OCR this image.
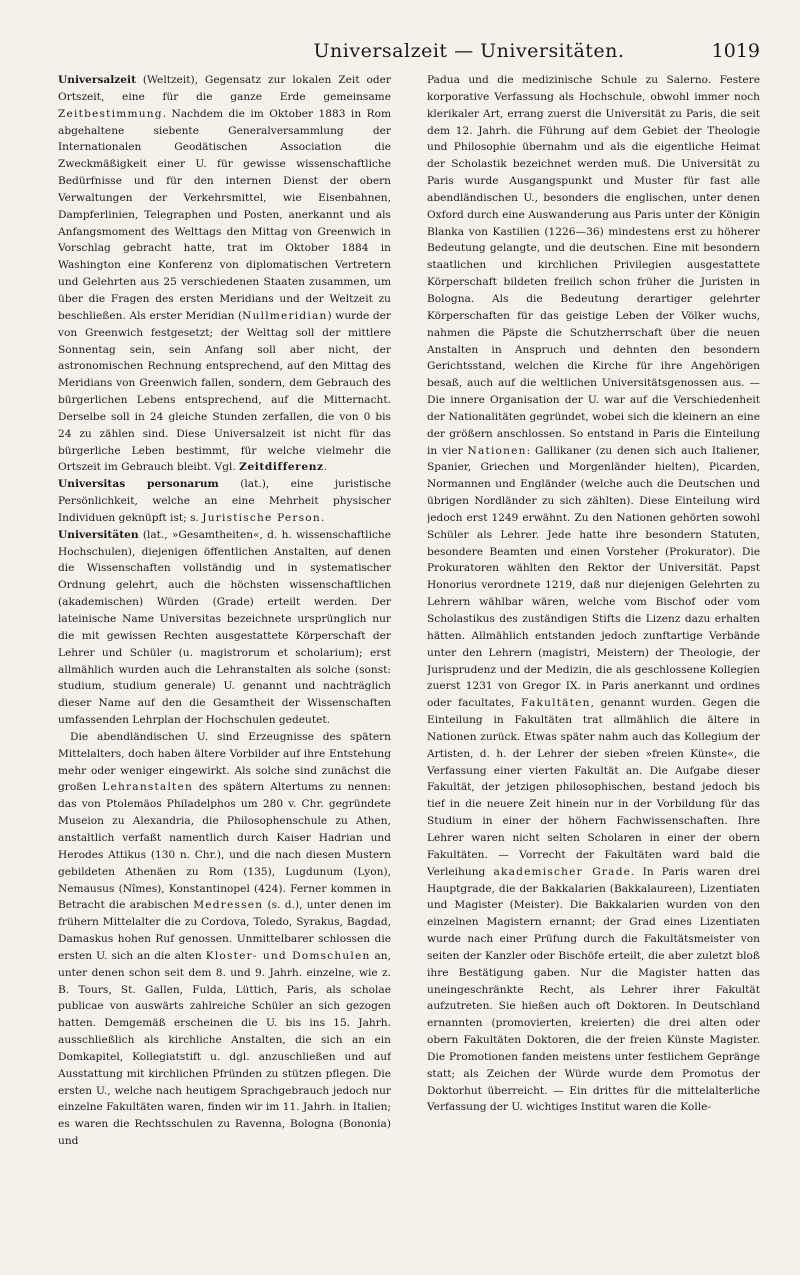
Universalzeit — Universitäten.	1019

Universalzeit (Weltzeit), Gegensatz zur lokalen Zeit oder Ortszeit, eine für die ganze Erde gemeinsame Zeitbestimmung. Nachdem die im Oktober 1883 in Rom abgehaltene siebente Generalversammlung der Internationalen Geodätischen Association die Zweckmäßigkeit einer U. für gewisse wissenschaftliche Bedürfnisse und für den internen Dienst der obern Verwaltungen der Verkehrsmittel, wie Eisenbahnen, Dampferlinien, Telegraphen und Posten, anerkannt und als Anfangsmoment des Welttags den Mittag von Greenwich in Vorschlag gebracht hatte, trat im Oktober 1884 in Washington eine Konferenz von diplomatischen Vertretern und Gelehrten aus 25 verschiedenen Staaten zusammen, um über die Fragen des ersten Meridians und der Weltzeit zu beschließen. Als erster Meridian (Nullmeridian) wurde der von Greenwich festgesetzt; der Welttag soll der mittlere Sonnentag sein, sein Anfang soll aber nicht, der astronomischen Rechnung entsprechend, auf den Mittag des Meridians von Greenwich fallen, sondern, dem Gebrauch des bürgerlichen Lebens entsprechend, auf die Mitternacht. Derselbe soll in 24 gleiche Stunden zerfallen, die von 0 bis 24 zu zählen sind. Diese Universalzeit ist nicht für das bürgerliche Leben bestimmt, für welche vielmehr die Ortszeit im Gebrauch bleibt. Vgl. Zeitdifferenz.

Universitas personarum (lat.), eine juristische Persönlichkeit, welche an eine Mehrheit physischer Individuen geknüpft ist; s. Juristische Person.

Universitäten (lat., »Gesamtheiten«, d. h. wissenschaftliche Hochschulen), diejenigen öffentlichen Anstalten, auf denen die Wissenschaften vollständig und in systematischer Ordnung gelehrt, auch die höchsten wissenschaftlichen (akademischen) Würden (Grade) erteilt werden. Der lateinische Name Universitas bezeichnete ursprünglich nur die mit gewissen Rechten ausgestattete Körperschaft der Lehrer und Schüler (u. magistrorum et scholarium); erst allmählich wurden auch die Lehranstalten als solche (sonst: studium, studium generale) U. genannt und nachträglich dieser Name auf den die Gesamtheit der Wissenschaften umfassenden Lehrplan der Hochschulen gedeutet.

Die abendländischen U. sind Erzeugnisse des spätern Mittelalters, doch haben ältere Vorbilder auf ihre Entstehung mehr oder weniger eingewirkt. Als solche sind zunächst die großen Lehranstalten des spätern Altertums zu nennen: das von Ptolemäos Philadelphos um 280 v. Chr. gegründete Museion zu Alexandria, die Philosophenschule zu Athen, anstaltlich verfaßt namentlich durch Kaiser Hadrian und Herodes Attikus (130 n. Chr.), und die nach diesen Mustern gebildeten Athenäen zu Rom (135), Lugdunum (Lyon), Nemausus (Nîmes), Konstantinopel (424). Ferner kommen in Betracht die arabischen Medressen (s. d.), unter denen im frühern Mittelalter die zu Cordova, Toledo, Syrakus, Bagdad, Damaskus hohen Ruf genossen. Unmittelbarer schlossen die ersten U. sich an die alten Kloster- und Domschulen an, unter denen schon seit dem 8. und 9. Jahrh. einzelne, wie z. B. Tours, St. Gallen, Fulda, Lüttich, Paris, als scholae publicae von auswärts zahlreiche Schüler an sich gezogen hatten. Demgemäß erscheinen die U. bis ins 15. Jahrh. ausschließlich als kirchliche Anstalten, die sich an ein Domkapitel, Kollegiatstift u. dgl. anzuschließen und auf Ausstattung mit kirchlichen Pfründen zu stützen pflegen. Die ersten U., welche nach heutigem Sprachgebrauch jedoch nur einzelne Fakultäten waren, finden wir im 11. Jahrh. in Italien; es waren die Rechtsschulen zu Ravenna, Bologna (Bononia) und

Padua und die medizinische Schule zu Salerno. Festere korporative Verfassung als Hochschule, obwohl immer noch klerikaler Art, errang zuerst die Universität zu Paris, die seit dem 12. Jahrh. die Führung auf dem Gebiet der Theologie und Philosophie übernahm und als die eigentliche Heimat der Scholastik bezeichnet werden muß. Die Universität zu Paris wurde Ausgangspunkt und Muster für fast alle abendländischen U., besonders die englischen, unter denen Oxford durch eine Auswanderung aus Paris unter der Königin Blanka von Kastilien (1226—36) mindestens erst zu höherer Bedeutung gelangte, und die deutschen. Eine mit besondern staatlichen und kirchlichen Privilegien ausgestattete Körperschaft bildeten freilich schon früher die Juristen in Bologna. Als die Bedeutung derartiger gelehrter Körperschaften für das geistige Leben der Völker wuchs, nahmen die Päpste die Schutzherrschaft über die neuen Anstalten in Anspruch und dehnten den besondern Gerichtsstand, welchen die Kirche für ihre Angehörigen besaß, auch auf die weltlichen Universitätsgenossen aus. — Die innere Organisation der U. war auf die Verschiedenheit der Nationalitäten gegründet, wobei sich die kleinern an eine der größern anschlossen. So entstand in Paris die Einteilung in vier Nationen: Gallikaner (zu denen sich auch Italiener, Spanier, Griechen und Morgenländer hielten), Picarden, Normannen und Engländer (welche auch die Deutschen und übrigen Nordländer zu sich zählten). Diese Einteilung wird jedoch erst 1249 erwähnt. Zu den Nationen gehörten sowohl Schüler als Lehrer. Jede hatte ihre besondern Statuten, besondere Beamten und einen Vorsteher (Prokurator). Die Prokuratoren wählten den Rektor der Universität. Papst Honorius verordnete 1219, daß nur diejenigen Gelehrten zu Lehrern wählbar wären, welche vom Bischof oder vom Scholastikus des zuständigen Stifts die Lizenz dazu erhalten hätten. Allmählich entstanden jedoch zunftartige Verbände unter den Lehrern (magistri, Meistern) der Theologie, der Jurisprudenz und der Medizin, die als geschlossene Kollegien zuerst 1231 von Gregor IX. in Paris anerkannt und ordines oder facultates, Fakultäten, genannt wurden. Gegen die Einteilung in Fakultäten trat allmählich die ältere in Nationen zurück. Etwas später nahm auch das Kollegium der Artisten, d. h. der Lehrer der sieben »freien Künste«, die Verfassung einer vierten Fakultät an. Die Aufgabe dieser Fakultät, der jetzigen philosophischen, bestand jedoch bis tief in die neuere Zeit hinein nur in der Vorbildung für das Studium in einer der höhern Fachwissenschaften. Ihre Lehrer waren nicht selten Scholaren in einer der obern Fakultäten. — Vorrecht der Fakultäten ward bald die Verleihung akademischer Grade. In Paris waren drei Hauptgrade, die der Bakkalarien (Bakkalaureen), Lizentiaten und Magister (Meister). Die Bakkalarien wurden von den einzelnen Magistern ernannt; der Grad eines Lizentiaten wurde nach einer Prüfung durch die Fakultätsmeister von seiten der Kanzler oder Bischöfe erteilt, die aber zuletzt bloß ihre Bestätigung gaben. Nur die Magister hatten das uneingeschränkte Recht, als Lehrer ihrer Fakultät aufzutreten. Sie hießen auch oft Doktoren. In Deutschland ernannten (promovierten, kreierten) die drei alten oder obern Fakultäten Doktoren, die der freien Künste Magister. Die Promotionen fanden meistens unter festlichem Gepränge statt; als Zeichen der Würde wurde dem Promotus der Doktorhut überreicht. — Ein drittes für die mittelalterliche Verfassung der U. wichtiges Institut waren die Kolle-
